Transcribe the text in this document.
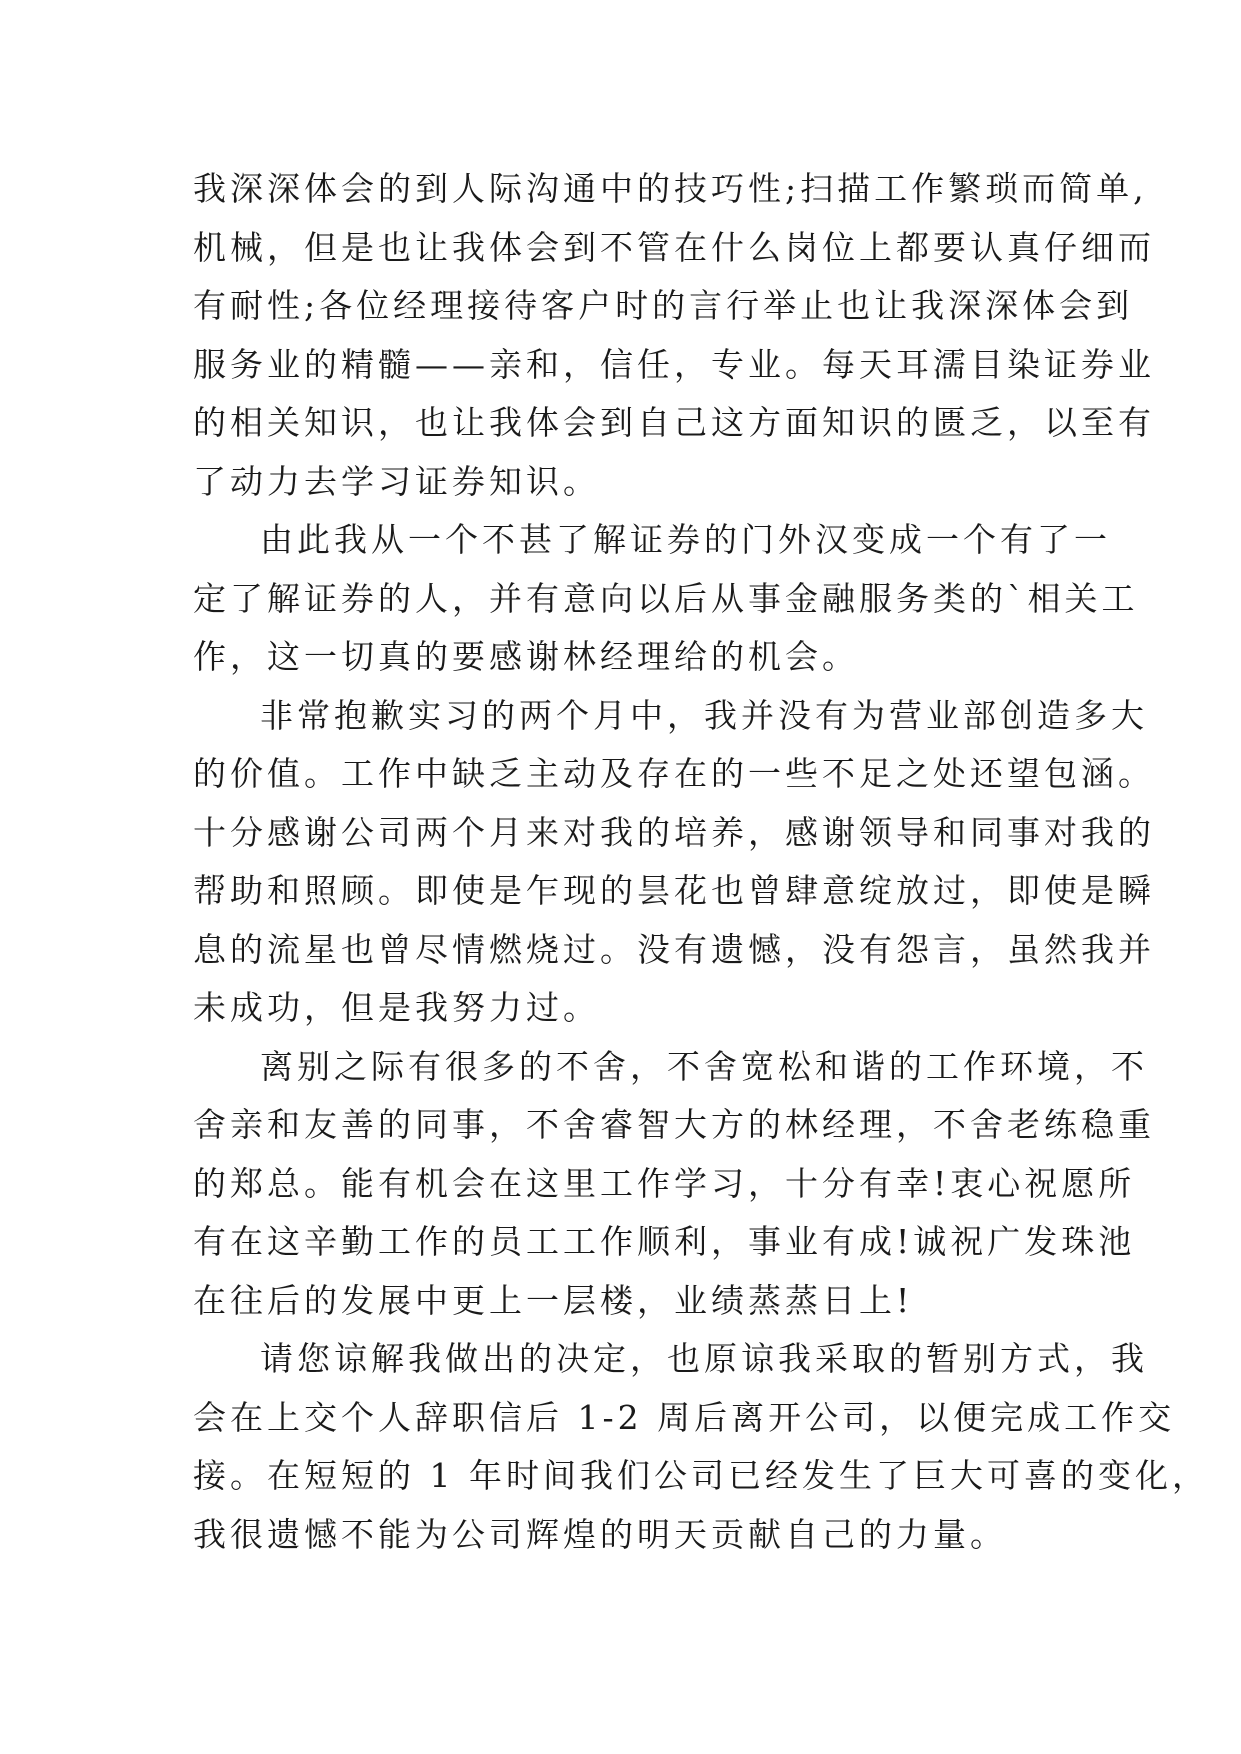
我深深体会的到人际沟通中的技巧性;扫描工作繁琐而简单,

机械，但是也让我体会到不管在什么岗位上都要认真仔细而

有耐性;各位经理接待客户时的言行举止也让我深深体会到

服务业的精髓——亲和，信任，专业。每天耳濡目染证券业

的相关知识，也让我体会到自己这方面知识的匮乏，以至有

了动力去学习证券知识。

由此我从一个不甚了解证券的门外汉变成一个有了一

定了解证券的人，并有意向以后从事金融服务类的`相关工

作，这一切真的要感谢林经理给的机会。

非常抱歉实习的两个月中，我并没有为营业部创造多大

的价值。工作中缺乏主动及存在的一些不足之处还望包涵。

十分感谢公司两个月来对我的培养，感谢领导和同事对我的

帮助和照顾。即使是乍现的昙花也曾肆意绽放过，即使是瞬

息的流星也曾尽情燃烧过。没有遗憾，没有怨言，虽然我并

未成功，但是我努力过。

离别之际有很多的不舍，不舍宽松和谐的工作环境，不

舍亲和友善的同事，不舍睿智大方的林经理，不舍老练稳重

的郑总。能有机会在这里工作学习，十分有幸!衷心祝愿所

有在这辛勤工作的员工工作顺利，事业有成!诚祝广发珠池

在往后的发展中更上一层楼，业绩蒸蒸日上!

请您谅解我做出的决定，也原谅我采取的暂别方式，我

会在上交个人辞职信后 1-2 周后离开公司，以便完成工作交

接。在短短的 1 年时间我们公司已经发生了巨大可喜的变化，

我很遗憾不能为公司辉煌的明天贡献自己的力量。
